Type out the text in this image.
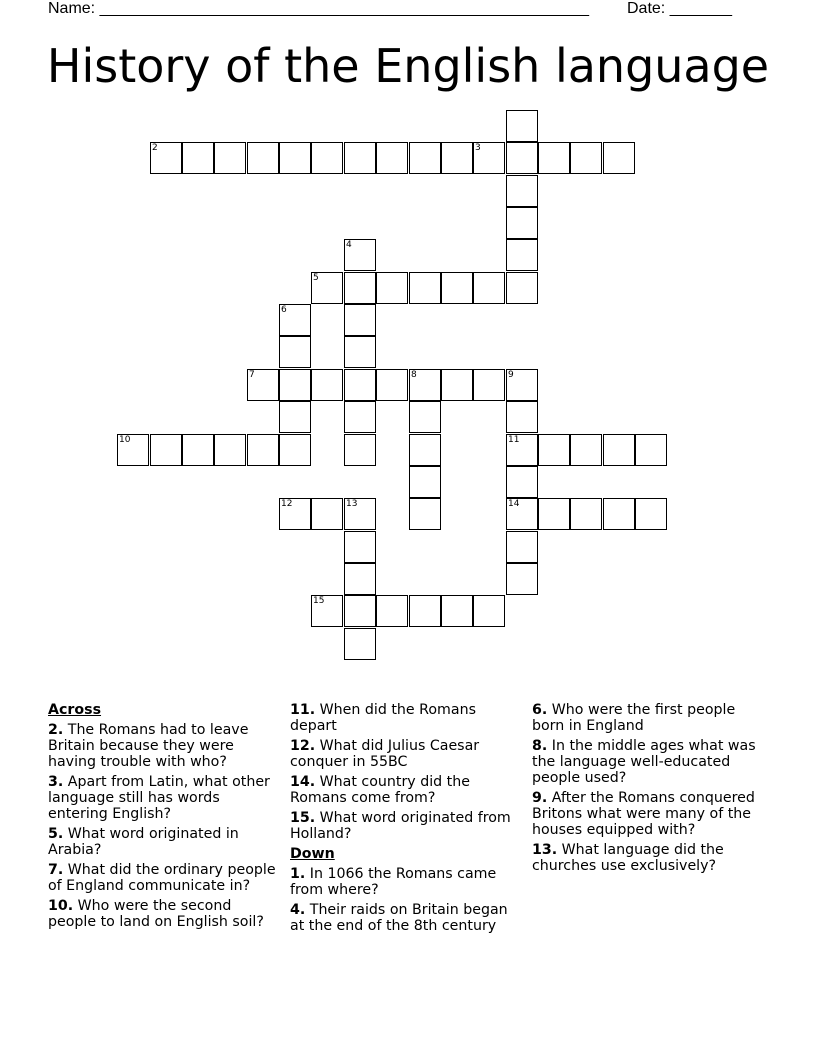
Name: _______________________________________________________ Date: _______
History of the English language
2	3
4
5
6
7	8	9
10	11
12	13	14
15
Across
2. The Romans had to leave Britain because they were having trouble with who?
3. Apart from Latin, what other language still has words entering English?
5. What word originated in Arabia?
7. What did the ordinary people of England communicate in?
10. Who were the second people to land on English soil?
11. When did the Romans depart
12. What did Julius Caesar conquer in 55BC
14. What country did the Romans come from?
15. What word originated from Holland?
Down
1. In 1066 the Romans came from where?
4. Their raids on Britain began at the end of the 8th century
6. Who were the first people born in England
8. In the middle ages what was the language well-educated people used?
9. After the Romans conquered Britons what were many of the houses equipped with?
13. What language did the churches use exclusively?
